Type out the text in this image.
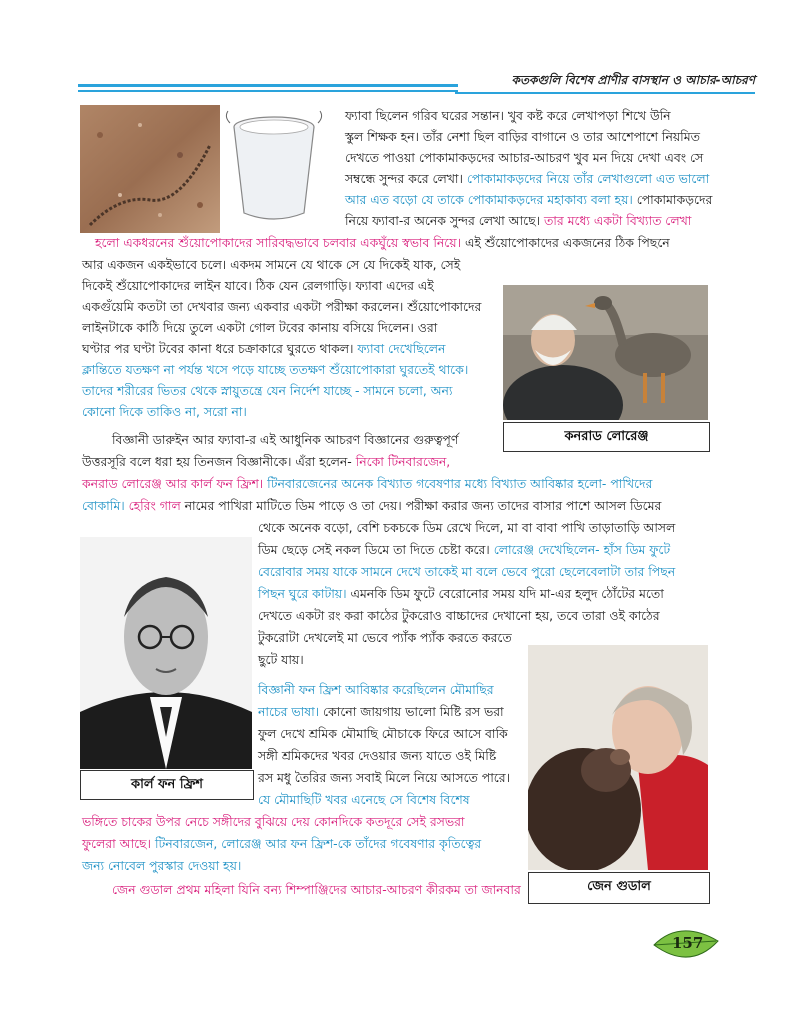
কতকগুলি বিশেষ প্রাণীর বাসস্থান ও আচার-আচরণ
কনরাড লোরেঞ্জ
কার্ল ফন ফ্রিশ
জেন গুডাল
ফ্যাবা ছিলেন গরিব ঘরের সন্তান। খুব কষ্ট করে লেখাপড়া শিখে উনি
স্কুল শিক্ষক হন। তাঁর নেশা ছিল বাড়ির বাগানে ও তার আশেপাশে নিয়মিত
দেখতে পাওয়া পোকামাকড়দের আচার-আচরণ খুব মন দিয়ে দেখা এবং সে
সম্বন্ধে সুন্দর করে লেখা। পোকামাকড়দের নিয়ে তাঁর লেখাগুলো এত ভালো
আর এত বড়ো যে তাকে পোকামাকড়দের মহাকাব্য বলা হয়। পোকামাকড়দের
নিয়ে ফ্যাবা-র অনেক সুন্দর লেখা আছে। তার মধ্যে একটা বিখ্যাত লেখা
হলো একধরনের শুঁয়োপোকাদের সারিবদ্ধভাবে চলবার একঘুঁয়ে স্বভাব নিয়ে। এই শুঁয়োপোকাদের একজনের ঠিক পিছনে
আর একজন একইভাবে চলে। একদম সামনে যে থাকে সে যে দিকেই যাক, সেই
দিকেই শুঁয়োপোকাদের লাইন যাবে। ঠিক যেন রেলগাড়ি। ফ্যাবা এদের এই
একগুঁয়েমি কতটা তা দেখবার জন্য একবার একটা পরীক্ষা করলেন। শুঁয়োপোকাদের
লাইনটাকে কাঠি দিয়ে তুলে একটা গোল টবের কানায় বসিয়ে দিলেন। ওরা
ঘণ্টার পর ঘণ্টা টবের কানা ধরে চক্রাকারে ঘুরতে থাকল। ফ্যাবা দেখেছিলেন
ক্লান্তিতে যতক্ষণ না পর্যন্ত খসে পড়ে যাচ্ছে ততক্ষণ শুঁয়োপোকারা ঘুরতেই থাকে।
তাদের শরীরের ভিতর থেকে স্নায়ুতন্ত্রে যেন নির্দেশ যাচ্ছে - সামনে চলো, অন্য
কোনো দিকে তাকিও না, সরো না।
বিজ্ঞানী ডারুইন আর ফ্যাবা-র এই আধুনিক আচরণ বিজ্ঞানের গুরুত্বপূর্ণ
উত্তরসূরি বলে ধরা হয় তিনজন বিজ্ঞানীকে। এঁরা হলেন- নিকো টিনবারজেন,
কনরাড লোরেঞ্জ আর কার্ল ফন ফ্রিশ। টিনবারজেনের অনেক বিখ্যাত গবেষণার মধ্যে বিখ্যাত আবিষ্কার হলো- পাখিদের
বোকামি। হেরিং গাল নামের পাখিরা মাটিতে ডিম পাড়ে ও তা দেয়। পরীক্ষা করার জন্য তাদের বাসার পাশে আসল ডিমের
থেকে অনেক বড়ো, বেশি চকচকে ডিম রেখে দিলে, মা বা বাবা পাখি তাড়াতাড়ি আসল
ডিম ছেড়ে সেই নকল ডিমে তা দিতে চেষ্টা করে। লোরেঞ্জ দেখেছিলেন- হাঁস ডিম ফুটে
বেরোবার সময় যাকে সামনে দেখে তাকেই মা বলে ভেবে পুরো ছেলেবেলাটা তার পিছন
পিছন ঘুরে কাটায়। এমনকি ডিম ফুটে বেরোনোর সময় যদি মা-এর হলুদ ঠোঁটের মতো
দেখতে একটা রং করা কাঠের টুকরোও বাচ্চাদের দেখানো হয়, তবে তারা ওই কাঠের
টুকরোটা দেখলেই মা ভেবে প্যাঁক প্যাঁক করতে করতে
ছুটে যায়।
বিজ্ঞানী ফন ফ্রিশ আবিষ্কার করেছিলেন মৌমাছির
নাচের ভাষা। কোনো জায়গায় ভালো মিষ্টি রস ভরা
ফুল দেখে শ্রমিক মৌমাছি মৌচাকে ফিরে আসে বাকি
সঙ্গী শ্রমিকদের খবর দেওয়ার জন্য যাতে ওই মিষ্টি
রস মধু তৈরির জন্য সবাই মিলে নিয়ে আসতে পারে।
যে মৌমাছিটি খবর এনেছে সে বিশেষ বিশেষ
ভঙ্গিতে চাকের উপর নেচে সঙ্গীদের বুঝিয়ে দেয় কোনদিকে কতদূরে সেই রসভরা
ফুলেরা আছে। টিনবারজেন, লোরেঞ্জ আর ফন ফ্রিশ-কে তাঁদের গবেষণার কৃতিত্বের
জন্য নোবেল পুরস্কার দেওয়া হয়।
জেন গুডাল প্রথম মহিলা যিনি বন্য শিম্পাঞ্জিদের আচার-আচরণ কীরকম তা জানবার
157
